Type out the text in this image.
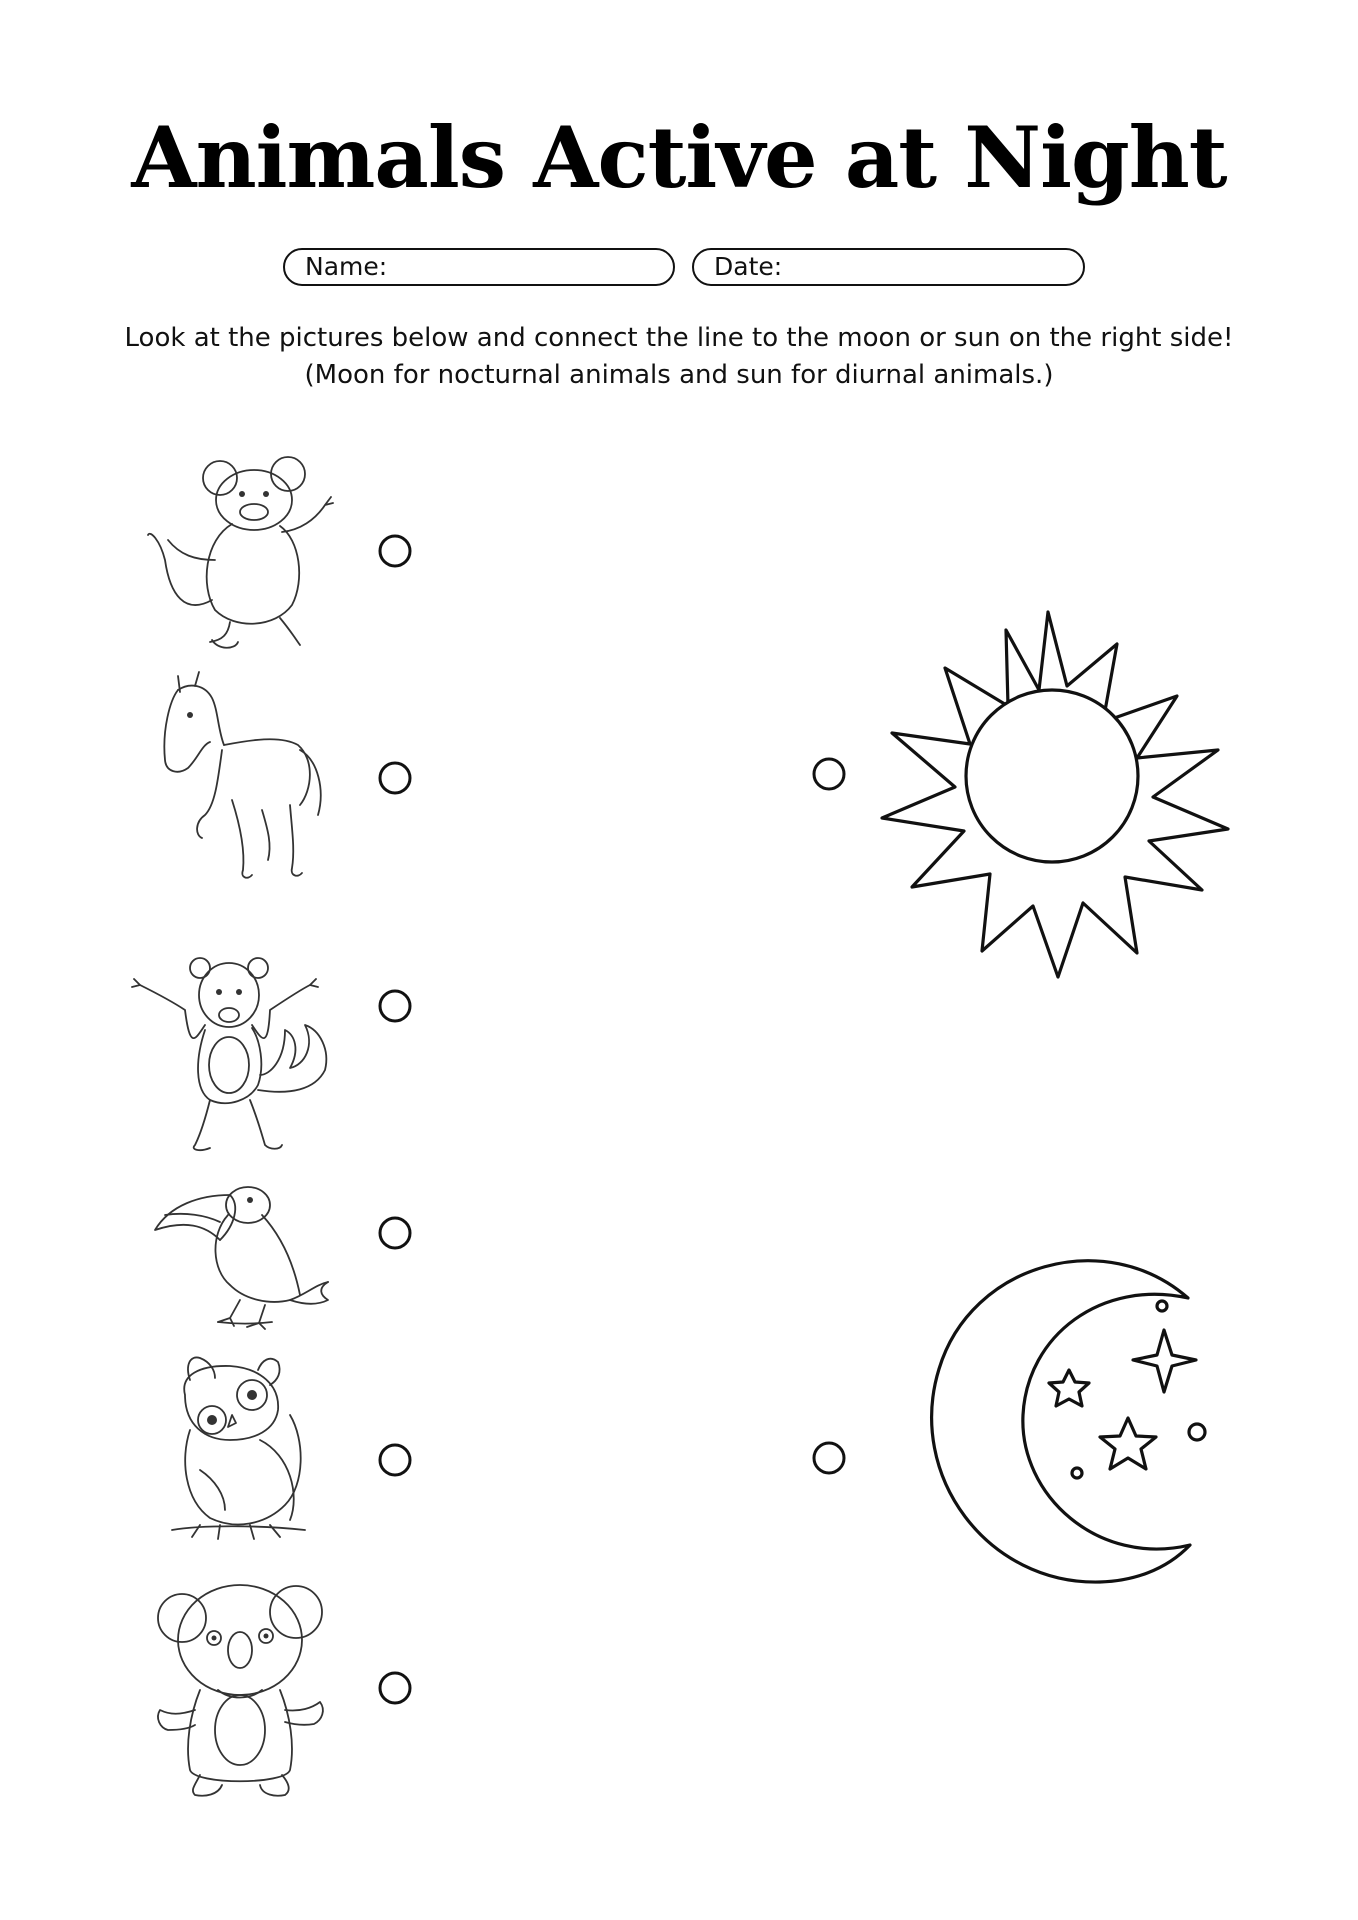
Animals Active at Night
Name:	Date:
Look at the pictures below and connect the line to the moon or sun on the right side!
(Moon for nocturnal animals and sun for diurnal animals.)
